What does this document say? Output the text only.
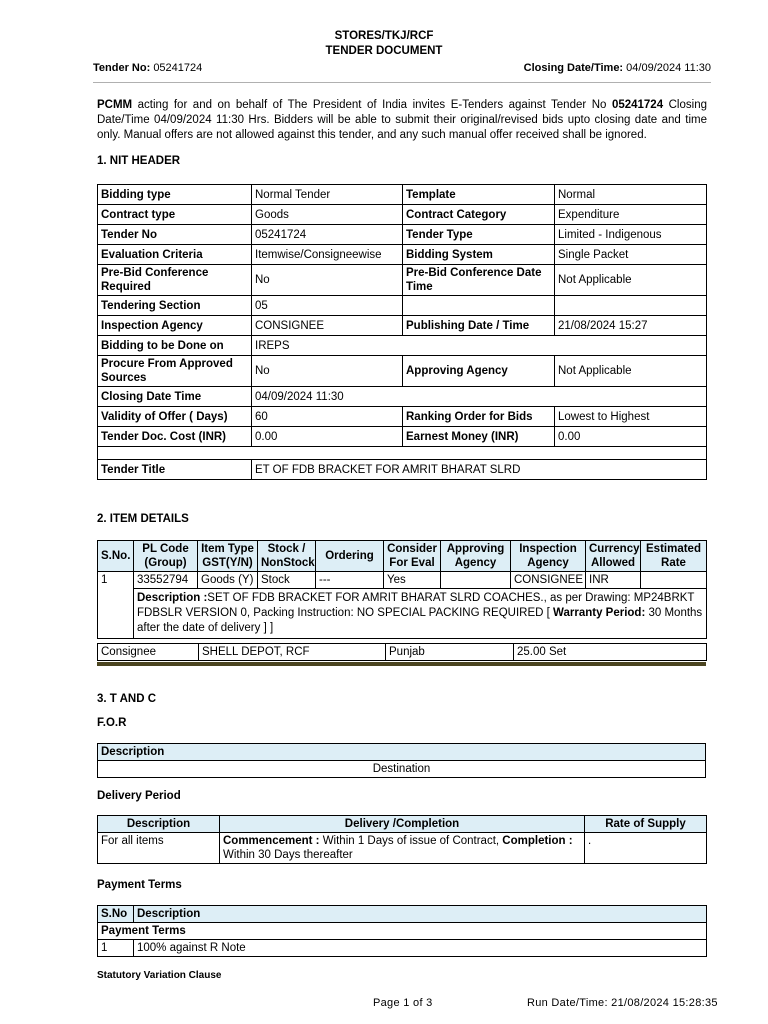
STORES/TKJ/RCF
TENDER DOCUMENT
Tender No: 05241724	Closing Date/Time: 04/09/2024 11:30
PCMM acting for and on behalf of The President of India invites E-Tenders against Tender No 05241724 Closing Date/Time 04/09/2024 11:30 Hrs. Bidders will be able to submit their original/revised bids upto closing date and time only. Manual offers are not allowed against this tender, and any such manual offer received shall be ignored.
1. NIT HEADER
Bidding type	Normal Tender	Template	Normal
Contract type	Goods	Contract Category	Expenditure
Tender No	05241724	Tender Type	Limited - Indigenous
Evaluation Criteria	Itemwise/Consigneewise	Bidding System	Single Packet
Pre-Bid Conference Required	No	Pre-Bid Conference Date Time	Not Applicable
Tendering Section	05		
Inspection Agency	CONSIGNEE	Publishing Date / Time	21/08/2024 15:27
Bidding to be Done on	IREPS		
Procure From Approved Sources	No	Approving Agency	Not Applicable
Closing Date Time	04/09/2024 11:30		
Validity of Offer ( Days)	60	Ranking Order for Bids	Lowest to Highest
Tender Doc. Cost (INR)	0.00	Earnest Money (INR)	0.00

Tender Title	ET OF FDB BRACKET FOR AMRIT BHARAT SLRD		
2. ITEM DETAILS
S.No.	PL Code (Group)	Item Type GST(Y/N)	Stock / NonStock	Ordering	Consider For Eval	Approving Agency	Inspection Agency	Currency Allowed	Estimated Rate
1	33552794	Goods (Y)	Stock	---	Yes		CONSIGNEE	INR	
	Description :SET OF FDB BRACKET FOR AMRIT BHARAT SLRD COACHES., as per Drawing: MP24BRKT FDBSLR VERSION 0, Packing Instruction: NO SPECIAL PACKING REQUIRED [ Warranty Period: 30 Months after the date of delivery ] ]								
Consignee	SHELL DEPOT, RCF	Punjab	25.00 Set
3. T AND C
F.O.R
Description
Destination
Delivery Period
Description	Delivery /Completion	Rate of Supply
For all items	Commencement : Within 1 Days of issue of Contract, Completion : Within 30 Days thereafter	.
Payment Terms
S.No	Description
Payment Terms	
1	100% against R Note
Statutory Variation Clause
Page 1 of 3	Run Date/Time: 21/08/2024 15:28:35
